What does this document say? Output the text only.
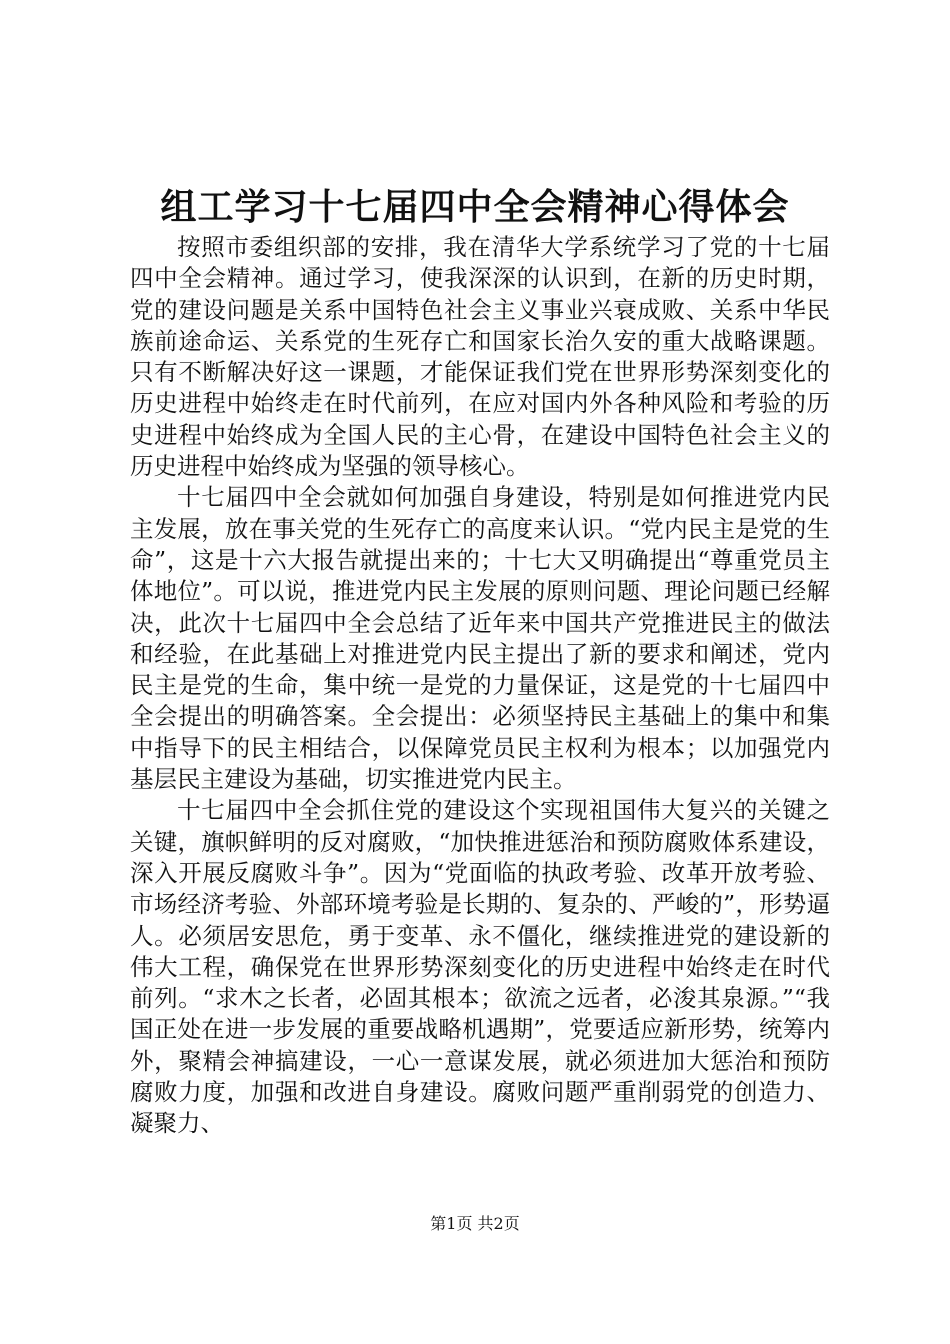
组工学习十七届四中全会精神心得体会

按照市委组织部的安排，我在清华大学系统学习了党的十七届四中全会精神。通过学习，使我深深的认识到，在新的历史时期，党的建设问题是关系中国特色社会主义事业兴衰成败、关系中华民族前途命运、关系党的生死存亡和国家长治久安的重大战略课题。只有不断解决好这一课题，才能保证我们党在世界形势深刻变化的历史进程中始终走在时代前列，在应对国内外各种风险和考验的历史进程中始终成为全国人民的主心骨，在建设中国特色社会主义的历史进程中始终成为坚强的领导核心。

十七届四中全会就如何加强自身建设，特别是如何推进党内民主发展，放在事关党的生死存亡的高度来认识。“党内民主是党的生命”，这是十六大报告就提出来的；十七大又明确提出“尊重党员主体地位”。可以说，推进党内民主发展的原则问题、理论问题已经解决，此次十七届四中全会总结了近年来中国共产党推进民主的做法和经验，在此基础上对推进党内民主提出了新的要求和阐述，党内民主是党的生命，集中统一是党的力量保证，这是党的十七届四中全会提出的明确答案。全会提出：必须坚持民主基础上的集中和集中指导下的民主相结合，以保障党员民主权利为根本；以加强党内基层民主建设为基础，切实推进党内民主。

十七届四中全会抓住党的建设这个实现祖国伟大复兴的关键之关键，旗帜鲜明的反对腐败，“加快推进惩治和预防腐败体系建设，深入开展反腐败斗争”。因为“党面临的执政考验、改革开放考验、市场经济考验、外部环境考验是长期的、复杂的、严峻的”，形势逼人。必须居安思危，勇于变革、永不僵化，继续推进党的建设新的伟大工程，确保党在世界形势深刻变化的历史进程中始终走在时代前列。“求木之长者，必固其根本；欲流之远者，必浚其泉源。”“我国正处在进一步发展的重要战略机遇期”，党要适应新形势，统筹内外，聚精会神搞建设，一心一意谋发展，就必须进加大惩治和预防腐败力度，加强和改进自身建设。腐败问题严重削弱党的创造力、凝聚力、

第1页 共2页
